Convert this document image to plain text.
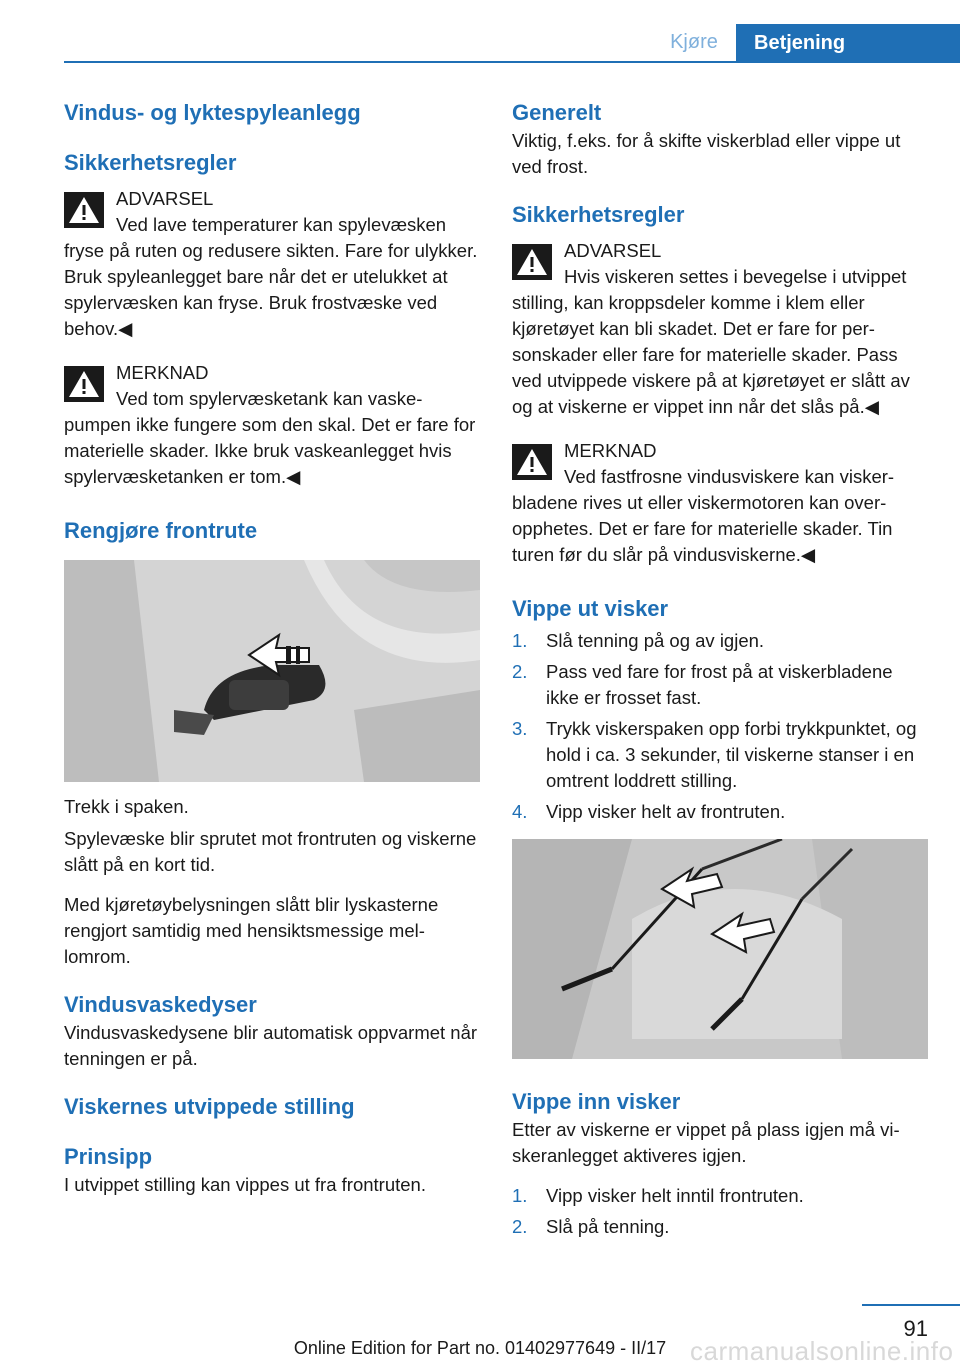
Kjøre	Betjening
Vindus- og lyktespyleanlegg
Sikkerhetsregler
ADVARSEL
Ved lave temperaturer kan spylevæsken fryse på ruten og redusere sikten. Fare for ulykker. Bruk spyleanlegget bare når det er utelukket at spylervæsken kan fryse. Bruk frostvæske ved behov.◀
MERKNAD
Ved tom spylervæsketank kan vaskepumpen ikke fungere som den skal. Det er fare for materielle skader. Ikke bruk vaskeanlegget hvis spylervæsketanken er tom.◀
Rengjøre frontrute

Trekk i spaken.

Spylevæske blir sprutet mot frontruten og viskerne slått på en kort tid.

Med kjøretøybelysningen slått blir lyskasterne rengjort samtidig med hensiktsmessige mellomrom.

Vindusvaskedyser

Vindusvaskedysene blir automatisk oppvarmet når tenningen er på.

Viskernes utvippede stilling
Prinsipp

I utvippet stilling kan vippes ut fra frontruten.

Generelt

Viktig, f.eks. for å skifte viskerblad eller vippe ut ved frost.

Sikkerhetsregler
ADVARSEL
Hvis viskeren settes i bevegelse i utvippet stilling, kan kroppsdeler komme i klem eller kjøretøyet kan bli skadet. Det er fare for personskader eller fare for materielle skader. Pass ved utvippede viskere på at kjøretøyet er slått av og at viskerne er vippet inn når det slås på.◀
MERKNAD
Ved fastfrosne vindusviskere kan viskerbladene rives ut eller viskermotoren kan overopphetes. Det er fare for materielle skader. Tin turen før du slår på vindusviskerne.◀
Vippe ut visker
1. Slå tenning på og av igjen.
2. Pass ved fare for frost på at viskerbladene ikke er frosset fast.
3. Trykk viskerspaken opp forbi trykkpunktet, og hold i ca. 3 sekunder, til viskerne stanser i en omtrent loddrett stilling.
4. Vipp visker helt av frontruten.
Vippe inn visker

Etter av viskerne er vippet på plass igjen må viskeranlegget aktiveres igjen.

1. Vipp visker helt inntil frontruten.
2. Slå på tenning.
91
carmanualsonline.info
Online Edition for Part no. 01402977649 - II/17
